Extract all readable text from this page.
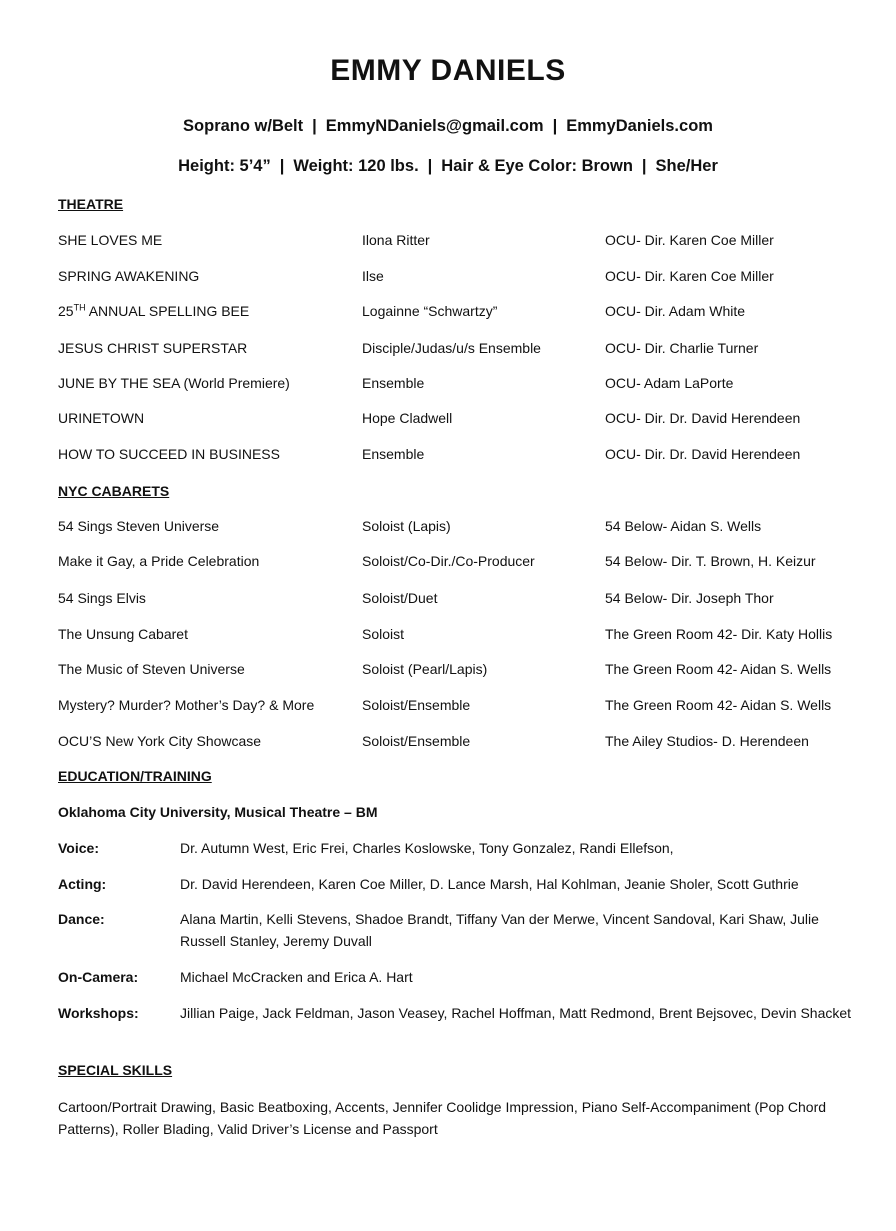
EMMY DANIELS
Soprano w/Belt | EmmyNDaniels@gmail.com | EmmyDaniels.com
Height: 5’4” | Weight: 120 lbs. | Hair & Eye Color: Brown | She/Her
THEATRE
SHE LOVES ME	Ilona Ritter	OCU- Dir. Karen Coe Miller
SPRING AWAKENING	Ilse	OCU- Dir. Karen Coe Miller
25TH ANNUAL SPELLING BEE	Logainne “Schwartzy”	OCU- Dir. Adam White
JESUS CHRIST SUPERSTAR	Disciple/Judas/u/s Ensemble	OCU- Dir. Charlie Turner
JUNE BY THE SEA (World Premiere)	Ensemble	OCU- Adam LaPorte
URINETOWN	Hope Cladwell	OCU- Dir. Dr. David Herendeen
HOW TO SUCCEED IN BUSINESS	Ensemble	OCU- Dir. Dr. David Herendeen
NYC CABARETS
54 Sings Steven Universe	Soloist (Lapis)	54 Below- Aidan S. Wells
Make it Gay, a Pride Celebration	Soloist/Co-Dir./Co-Producer	54 Below- Dir. T. Brown, H. Keizur
54 Sings Elvis	Soloist/Duet	54 Below- Dir. Joseph Thor
The Unsung Cabaret	Soloist	The Green Room 42- Dir. Katy Hollis
The Music of Steven Universe	Soloist (Pearl/Lapis)	The Green Room 42- Aidan S. Wells
Mystery? Murder? Mother’s Day? & More	Soloist/Ensemble	The Green Room 42- Aidan S. Wells
OCU’S New York City Showcase	Soloist/Ensemble	The Ailey Studios- D. Herendeen
EDUCATION/TRAINING
Oklahoma City University, Musical Theatre – BM
Voice:	Dr. Autumn West, Eric Frei, Charles Koslowske, Tony Gonzalez, Randi Ellefson,
Acting:	Dr. David Herendeen, Karen Coe Miller, D. Lance Marsh, Hal Kohlman, Jeanie Sholer, Scott Guthrie
Dance:	Alana Martin, Kelli Stevens, Shadoe Brandt, Tiffany Van der Merwe, Vincent Sandoval, Kari Shaw, Julie Russell Stanley, Jeremy Duvall
On-Camera:	Michael McCracken and Erica A. Hart
Workshops:	Jillian Paige, Jack Feldman, Jason Veasey, Rachel Hoffman, Matt Redmond, Brent Bejsovec, Devin Shacket
SPECIAL SKILLS
Cartoon/Portrait Drawing, Basic Beatboxing, Accents, Jennifer Coolidge Impression, Piano Self-Accompaniment (Pop Chord Patterns), Roller Blading, Valid Driver’s License and Passport
